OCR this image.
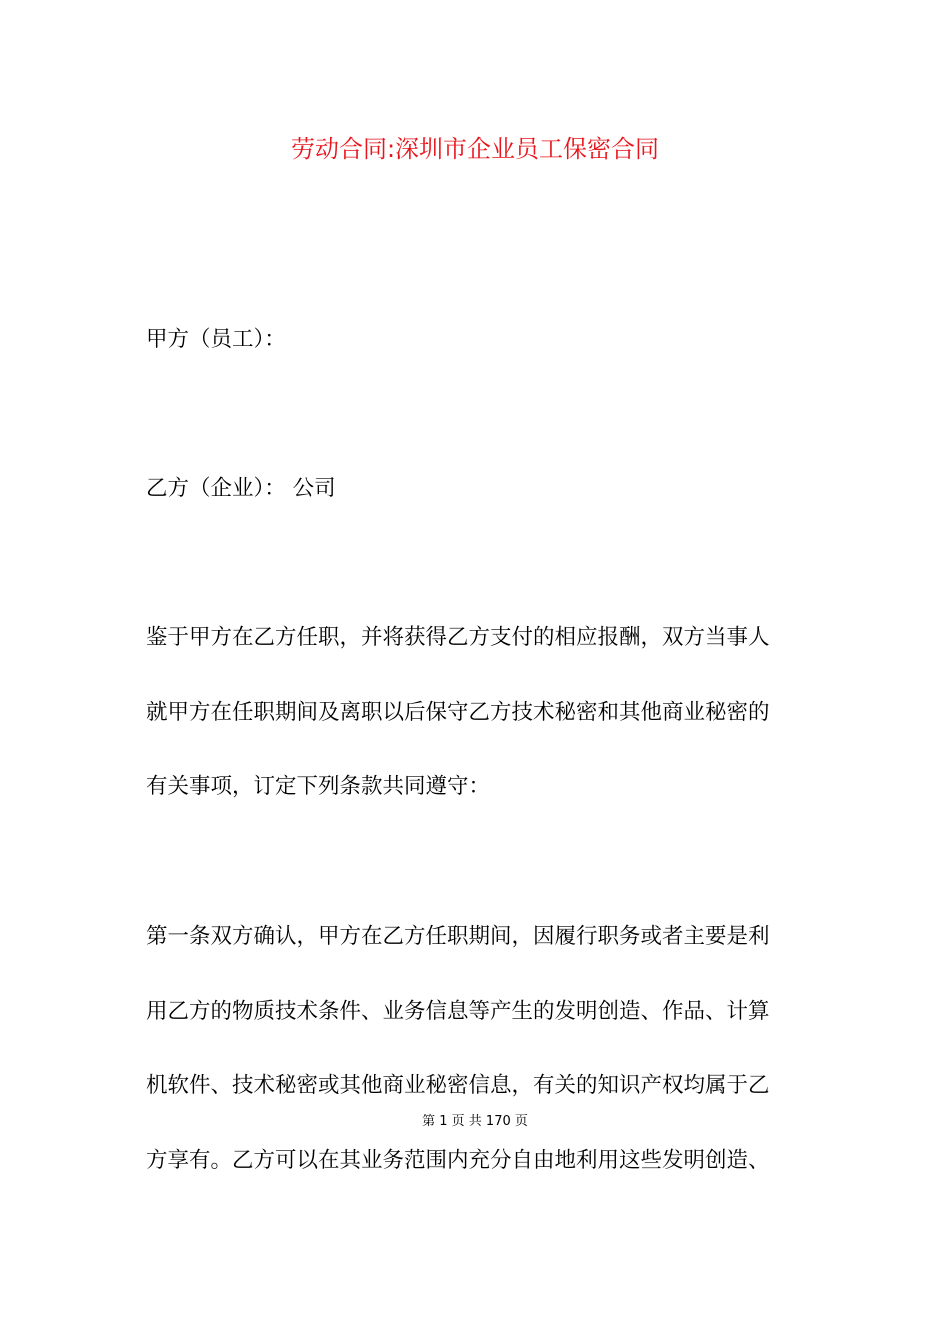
劳动合同:深圳市企业员工保密合同
甲方（员工）：
乙方（企业）： 公司
鉴于甲方在乙方任职，并将获得乙方支付的相应报酬，双方当事人
就甲方在任职期间及离职以后保守乙方技术秘密和其他商业秘密的
有关事项，订定下列条款共同遵守：
第一条双方确认，甲方在乙方任职期间，因履行职务或者主要是利
用乙方的物质技术条件、业务信息等产生的发明创造、作品、计算
机软件、技术秘密或其他商业秘密信息，有关的知识产权均属于乙
第 1 页 共 170 页
方享有。乙方可以在其业务范围内充分自由地利用这些发明创造、
